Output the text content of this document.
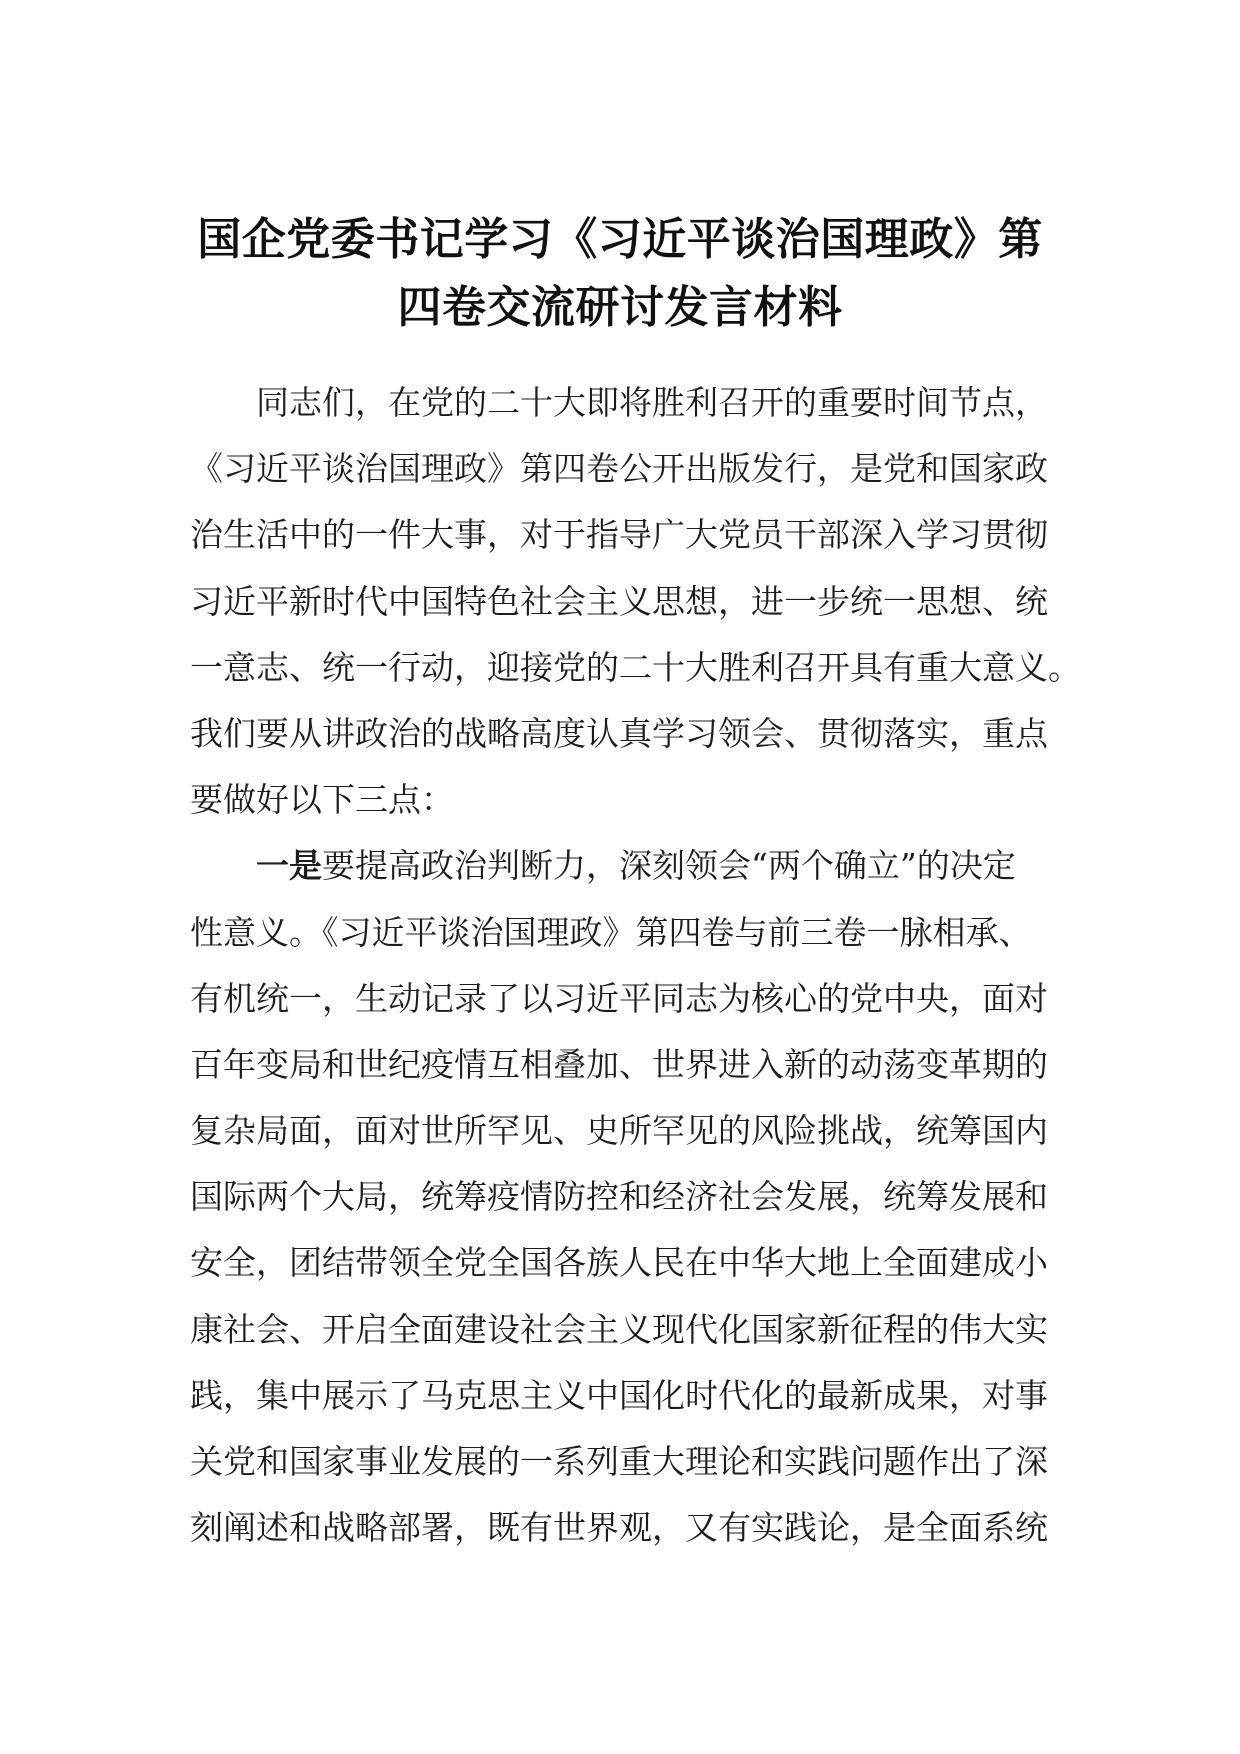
国企党委书记学习《习近平谈治国理政》第
四卷交流研讨发言材料
同志们，在党的二十大即将胜利召开的重要时间节点，
《习近平谈治国理政》第四卷公开出版发行，是党和国家政
治生活中的一件大事，对于指导广大党员干部深入学习贯彻
习近平新时代中国特色社会主义思想，进一步统一思想、统
一意志、统一行动，迎接党的二十大胜利召开具有重大意义。
我们要从讲政治的战略高度认真学习领会、贯彻落实，重点
要做好以下三点：
一是要提高政治判断力，深刻领会“两个确立”的决定
性意义。《习近平谈治国理政》第四卷与前三卷一脉相承、
有机统一，生动记录了以习近平同志为核心的党中央，面对
百年变局和世纪疫情互相叠加、世界进入新的动荡变革期的
复杂局面，面对世所罕见、史所罕见的风险挑战，统筹国内
国际两个大局，统筹疫情防控和经济社会发展，统筹发展和
安全，团结带领全党全国各族人民在中华大地上全面建成小
康社会、开启全面建设社会主义现代化国家新征程的伟大实
践，集中展示了马克思主义中国化时代化的最新成果，对事
关党和国家事业发展的一系列重大理论和实践问题作出了深
刻阐述和战略部署，既有世界观，又有实践论，是全面系统
